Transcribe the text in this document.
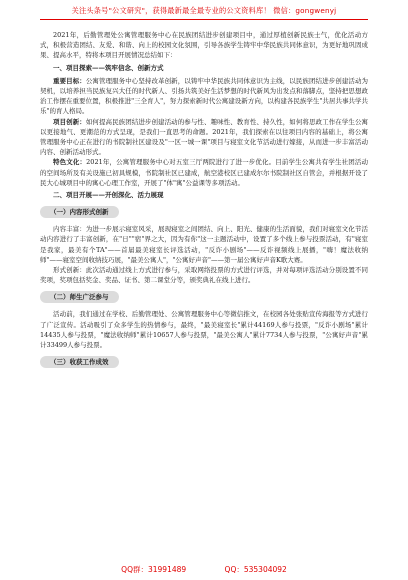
关注头条号"公文研究"，获得最新最全最专业的公文资料库！ 微信：gongwenyj

2021年，后勤管理处公寓管理服务中心在民族团结进步创建项目中，通过厚植创新民族士气，优化活动方式，积极营造团结、友爱、和谐、向上的校园文化氛围，引导各族学生铸牢中华民族共同体意识，为更好地巩固成果、提高水平，特将本项目开展情况总结如下：

一、项目探索——筑牢信念、创新方式

重要目标：公寓管理服务中心坚持改革创新，以铸牢中华民族共同体意识为主线，以民族团结进步创建活动为契机，以培养担当民族复兴大任的时代新人、引扬共筑美好生活梦想的时代新风为出发点和落脚点，坚持把思想政治工作摆在重要位置，积极推进"三全育人"，努力探索新时代公寓建设新方向，以构建各民族学生"共居共事共学共乐"的育人格局。

项目创新：如何提高民族团结进步创建活动的参与性、趣味性、教育性、持久性，如何将思政工作在学生公寓以更接地气、更潮范的方式呈现，是我们一直思考的命题。2021年，我们探索在以往项目内容的基础上，将公寓管理服务中心正在进行的书院制社区建设及"一区一城一课"项目与寝室文化节活动进行嫁接，从而进一步丰富活动内容、创新活动形式。

特色文化：2021年，公寓管理服务中心对五室三厅两院进行了进一步优化。目前学生公寓共有学生社团活动的空间场所及有关设施已初具规模，书院制社区已建成，航空港校区已建成尔尔书院制社区自管会，并根据开设了民大心城项目中的寓心心理工作室，开展了"体"寓"公益课等多项活动。

二、项目开展——开创深化、活力展现

（一）内容形式创新

内容丰富：为进一步展示寝室风采，展现寝室之间团结、向上、阳光、健康的生活面貌，我们对寝室文化节活动内容进行了丰富创新，在"日""宿"界之大，因为有你"这一主题活动中，设置了多个线上参与投票活动，有"寝室是我家，最美有个TA"——首届最美寝室长评选活动，"反诈小剧场"——反诈视频线上展播，"嗨！魔法收纳师"——寝室空间收纳技巧展，"最美公寓人"，"公寓好声音"——第一届公寓好声音K歌大赛。

形式创新：此次活动通过线上方式进行参与，采取网络投票的方式进行评选，并对每项评选活动分别设置不同奖项，奖项包括奖金、奖品、证书、第二课堂分等，颁奖典礼在线上进行。

（二）师生广泛参与

活动前，我们通过在学校、后勤管理处、公寓管理服务中心等微信推文，在校园各处张贴宣传海报等方式进行了广泛宣传。活动吸引了众多学生的热情参与，最终，"最美寝室长"累计44169人参与投票，"反诈小剧场"累计14435人参与投票，"魔法收纳师"累计10657人参与投票，"最美公寓人"累计7734人参与投票，"公寓好声音"累计33499人参与投票。

（三）收获工作成效
QQ群：31991489	QQ：535304092
